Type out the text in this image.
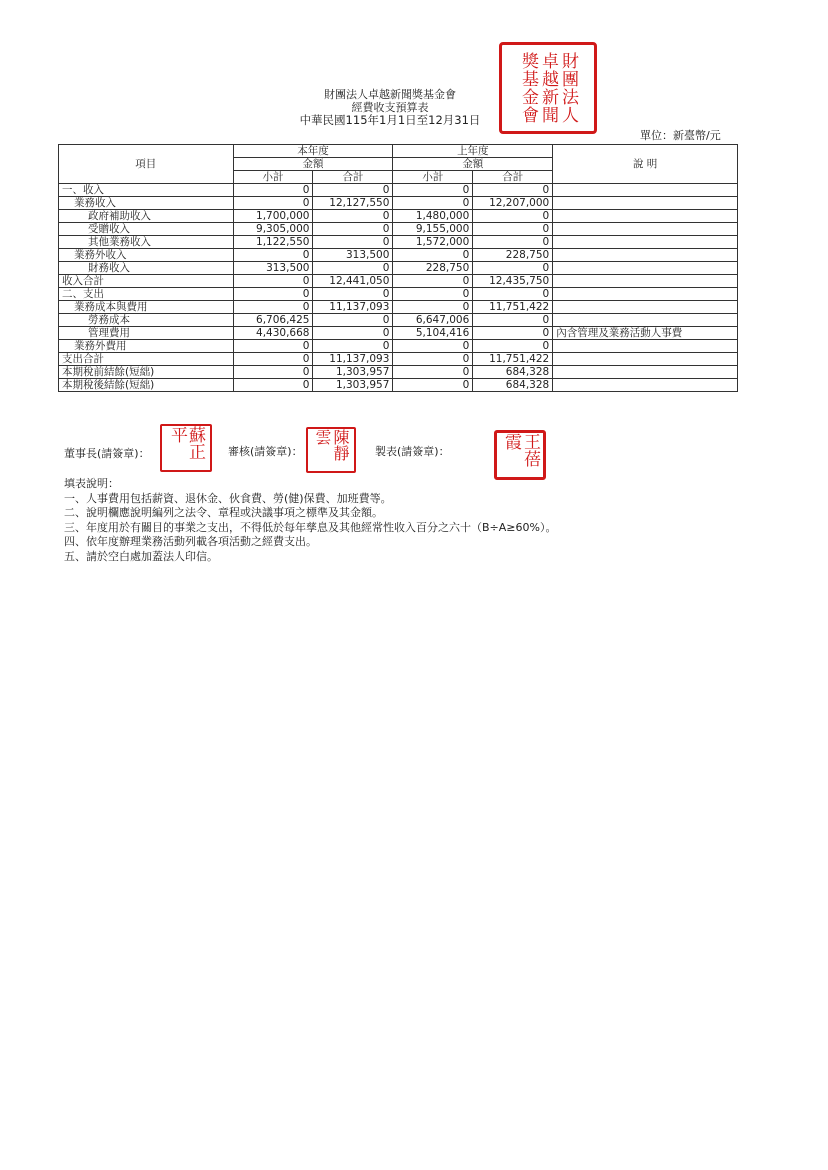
財團法人卓越新聞獎基金會
財團法人卓越新聞獎基金會
經費收支預算表
中華民國115年1月1日至12月31日
單位：新臺幣/元
項目	本年度		上年度		說 明
	金額		金額		
	小計	合計	小計	合計	
一、收入	0	0	0	0	
業務收入	0	12,127,550	0	12,207,000	
政府補助收入	1,700,000	0	1,480,000	0	
受贈收入	9,305,000	0	9,155,000	0	
其他業務收入	1,122,550	0	1,572,000	0	
業務外收入	0	313,500	0	228,750	
財務收入	313,500	0	228,750	0	
收入合計	0	12,441,050	0	12,435,750	
二、支出	0	0	0	0	
業務成本與費用	0	11,137,093	0	11,751,422	
勞務成本	6,706,425	0	6,647,006	0	
管理費用	4,430,668	0	5,104,416	0	內含管理及業務活動人事費
業務外費用	0	0	0	0	
支出合計	0	11,137,093	0	11,751,422	
本期稅前結餘(短絀)	0	1,303,957	0	684,328	
本期稅後結餘(短絀)	0	1,303,957	0	684,328	
董事長(請簽章)：	蘇正平
審核(請簽章)：	陳靜雲
製表(請簽章)：	王蓓霞
填表說明：
一、人事費用包括薪資、退休金、伙食費、勞(健)保費、加班費等。
二、說明欄應說明編列之法令、章程或決議事項之標準及其金額。
三、年度用於有關目的事業之支出，不得低於每年孳息及其他經常性收入百分之六十（B÷A≥60%）。
四、依年度辦理業務活動列載各項活動之經費支出。
五、請於空白處加蓋法人印信。
